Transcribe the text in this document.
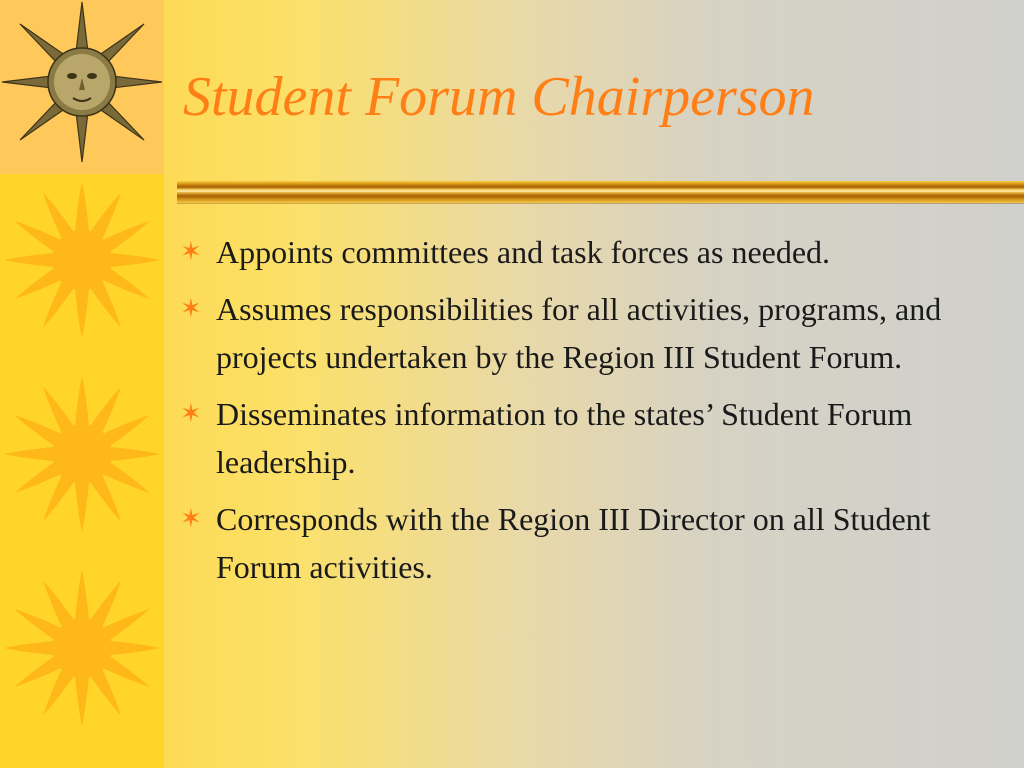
Student Forum Chairperson
✶ Appoints committees and task forces as needed.
✶ Assumes responsibilities for all activities, programs, and projects undertaken by the Region III Student Forum.
✶ Disseminates information to the states’ Student Forum leadership.
✶ Corresponds with the Region III Director on all Student Forum activities.
